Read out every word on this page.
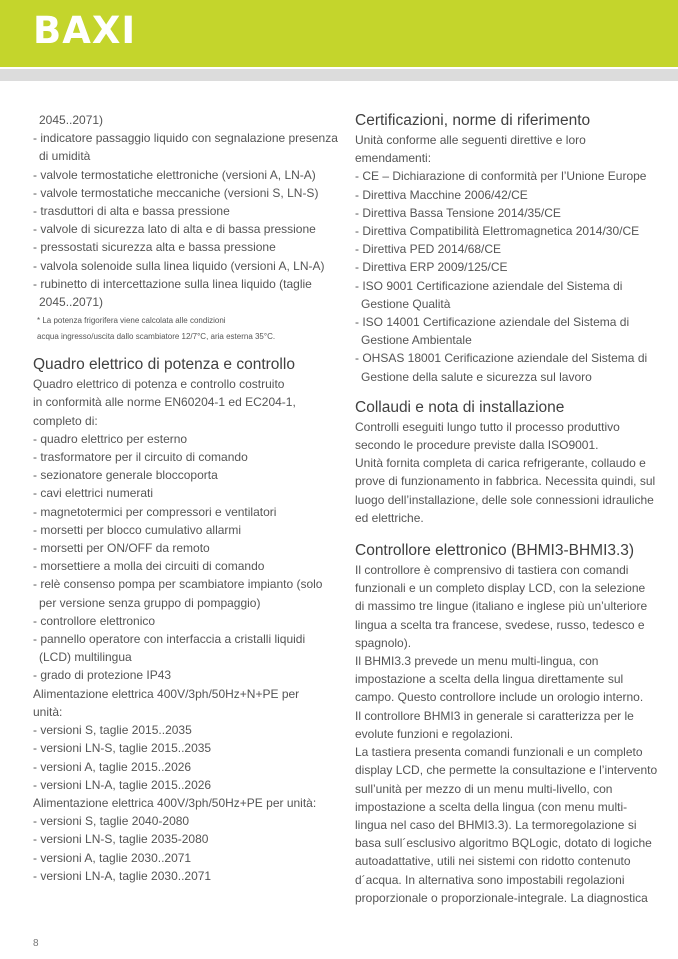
BAXI
2045..2071)
- indicatore passaggio liquido con segnalazione presenza
di umidità
- valvole termostatiche elettroniche (versioni A, LN-A)
- valvole termostatiche meccaniche (versioni S, LN-S)
- trasduttori di alta e bassa pressione
- valvole di sicurezza lato di alta e di bassa pressione
- pressostati sicurezza alta e bassa pressione
- valvola solenoide sulla linea liquido (versioni A, LN-A)
- rubinetto di intercettazione sulla linea liquido (taglie
2045..2071)
* La potenza frigorifera viene calcolata alle condizioni
acqua ingresso/uscita dallo scambiatore 12/7°C, aria esterna 35°C.
Quadro elettrico di potenza e controllo
Quadro elettrico di potenza e controllo costruito
in conformità alle norme EN60204-1 ed EC204-1,
completo di:
- quadro elettrico per esterno
- trasformatore per il circuito di comando
- sezionatore generale bloccoporta
- cavi elettrici numerati
- magnetotermici per compressori e ventilatori
- morsetti per blocco cumulativo allarmi
- morsetti per ON/OFF da remoto
- morsettiere a molla dei circuiti di comando
- relè consenso pompa per scambiatore impianto (solo
per versione senza gruppo di pompaggio)
- controllore elettronico
- pannello operatore con interfaccia a cristalli liquidi
(LCD) multilingua
- grado di protezione IP43
Alimentazione elettrica 400V/3ph/50Hz+N+PE per
unità:
- versioni S, taglie 2015..2035
- versioni LN-S, taglie 2015..2035
- versioni A, taglie 2015..2026
- versioni LN-A, taglie 2015..2026
Alimentazione elettrica 400V/3ph/50Hz+PE per unità:
- versioni S, taglie 2040-2080
- versioni LN-S, taglie 2035-2080
- versioni A, taglie 2030..2071
- versioni LN-A, taglie 2030..2071
Certificazioni, norme di riferimento
Unità conforme alle seguenti direttive e loro
emendamenti:
- CE – Dichiarazione di conformità per l’Unione Europe
- Direttiva Macchine 2006/42/CE
- Direttiva Bassa Tensione 2014/35/CE
- Direttiva Compatibilità Elettromagnetica 2014/30/CE
- Direttiva PED 2014/68/CE
- Direttiva ERP 2009/125/CE
- ISO 9001 Certificazione aziendale del Sistema di
Gestione Qualità
- ISO 14001 Certificazione aziendale del Sistema di
Gestione Ambientale
- OHSAS 18001 Cerificazione aziendale del Sistema di
Gestione della salute e sicurezza sul lavoro
Collaudi e nota di installazione
Controlli eseguiti lungo tutto il processo produttivo
secondo le procedure previste dalla ISO9001.
Unità fornita completa di carica refrigerante, collaudo e
prove di funzionamento in fabbrica. Necessita quindi, sul
luogo dell’installazione, delle sole connessioni idrauliche
ed elettriche.
Controllore elettronico (BHMI3-BHMI3.3)
Il controllore è comprensivo di tastiera con comandi
funzionali e un completo display LCD, con la selezione
di massimo tre lingue (italiano e inglese più un’ulteriore
lingua a scelta tra francese, svedese, russo, tedesco e
spagnolo).
Il BHMI3.3 prevede un menu multi-lingua, con
impostazione a scelta della lingua direttamente sul
campo. Questo controllore include un orologio interno.
Il controllore BHMI3 in generale si caratterizza per le
evolute funzioni e regolazioni.
La tastiera presenta comandi funzionali e un completo
display LCD, che permette la consultazione e l’intervento
sull’unità per mezzo di un menu multi-livello, con
impostazione a scelta della lingua (con menu multi-
lingua nel caso del BHMI3.3). La termoregolazione si
basa sull´esclusivo algoritmo BQLogic, dotato di logiche
autoadattative, utili nei sistemi con ridotto contenuto
d´acqua. In alternativa sono impostabili regolazioni
proporzionale o proporzionale-integrale. La diagnostica
8
